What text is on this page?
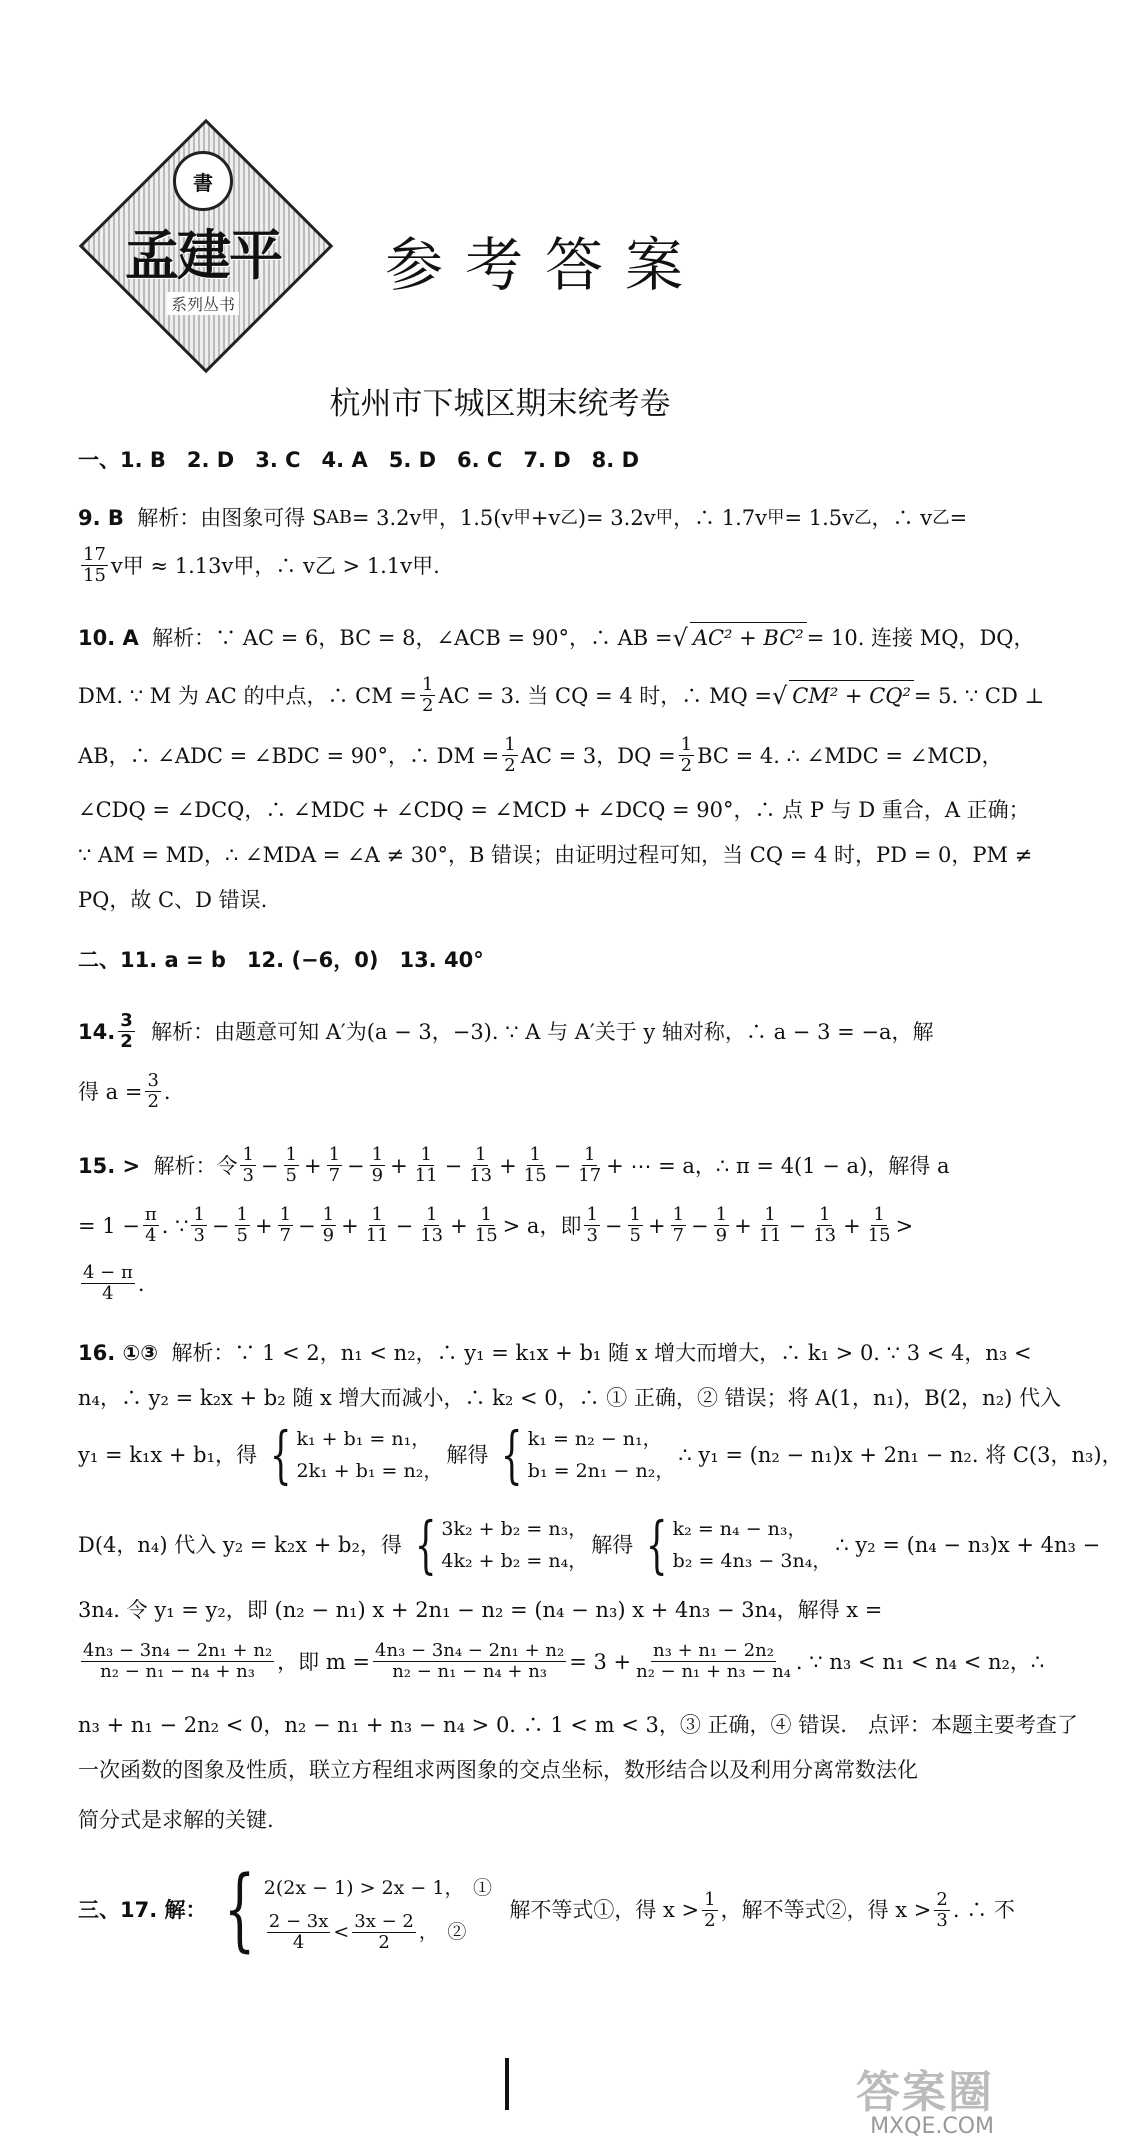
書
孟建平
系列丛书
参考答案
杭州市下城区期末统考卷
一、1. B　2. D　3. C　4. A　5. D　6. C　7. D　8. D
9. B
解析：由图象可得 S AB = 3.2v 甲 ，1.5(v 甲 +v 乙 )= 3.2v 甲 ，∴ 1.7v 甲 = 1.5v 乙 ，∴ v 乙 =
$\frac{17}{15}$ v甲 ≈ 1.13v甲，∴ v乙 > 1.1v甲.
10. A
解析：∵ AC = 6，BC = 8，∠ACB = 90°，∴ AB = √ AC² + BC² = 10. 连接 MQ，DQ，
DM. ∵ M 为 AC 的中点，∴ CM = $\frac{1}{2}$ AC = 3. 当 CQ = 4 时，∴ MQ = √ CM² + CQ² = 5. ∵ CD ⊥
AB，∴ ∠ADC = ∠BDC = 90°，∴ DM = $\frac{1}{2}$ AC = 3，DQ = $\frac{1}{2}$ BC = 4. ∴ ∠MDC = ∠MCD，
∠CDQ = ∠DCQ，∴ ∠MDC + ∠CDQ = ∠MCD + ∠DCQ = 90°，∴ 点 P 与 D 重合，A 正确；
∵ AM = MD，∴ ∠MDA = ∠A ≠ 30°，B 错误；由证明过程可知，当 CQ = 4 时，PD = 0，PM ≠
PQ，故 C、D 错误.
二、 11. a = b　12. (−6，0)　13. 40°
14. $\frac{3}{2}$
解析：由题意可知 A′为(a − 3，−3). ∵ A 与 A′关于 y 轴对称，∴ a − 3 = −a，解
得 $a = \frac{3}{2}$ .
15. >
解析：令 $\frac{1}{3} - \frac{1}{5} + \frac{1}{7} - \frac{1}{9} + \frac{1}{11} - \frac{1}{13} + \frac{1}{15} - \frac{1}{17}$ + ⋯ = a，∴ π = 4(1 − a)，解得 a
= $1 - \frac{\pi}{4}$ . ∵ $\frac{1}{3} - \frac{1}{5} + \frac{1}{7} - \frac{1}{9} + \frac{1}{11} - \frac{1}{13} + \frac{1}{15} > a$，即 $\frac{1}{3} - \frac{1}{5} + \frac{1}{7} - \frac{1}{9} + \frac{1}{11} - \frac{1}{13} + \frac{1}{15}$ >
$\frac{4 - \pi}{4}$ .
16. ①③
解析：∵ 1 < 2，n₁ < n₂，∴ y₁ = k₁x + b₁ 随 x 增大而增大，∴ k₁ > 0. ∵ 3 < 4，n₃ <
n₄，∴ y₂ = k₂x + b₂ 随 x 增大而减小，∴ k₂ < 0，∴ ① 正确，② 错误；将 A(1，n₁)，B(2，n₂) 代入
y₁ = k₁x + b₁，得 { k₁ + b₁ = n₁，
2k₁ + b₁ = n₂，
解得 { k₁ = n₂ − n₁，
b₁ = 2n₁ − n₂，
∴ y₁ = (n₂ − n₁)x + 2n₁ − n₂. 将 C(3，n₃)，
D(4，n₄) 代入 y₂ = k₂x + b₂，得 { 3k₂ + b₂ = n₃，
4k₂ + b₂ = n₄，
解得 { k₂ = n₄ − n₃，
b₂ = 4n₃ − 3n₄，
∴ y₂ = (n₄ − n₃)x + 4n₃ −
3n₄. 令 y₁ = y₂，即 (n₂ − n₁) x + 2n₁ − n₂ = (n₄ − n₃) x + 4n₃ − 3n₄，解得 x =
$\frac{\text{4n₃ − 3n₄ − 2n₁ + n₂}}{\text{n₂ − n₁ − n₄ + n₃}}$ ，即 $m = \frac{\text{4n₃ − 3n₄ − 2n₁ + n₂}}{\text{n₂ − n₁ − n₄ + n₃}} = 3 + \frac{\text{n₃ + n₁ − 2n₂}}{\text{n₂ − n₁ + n₃ − n₄}}$ . ∵ n₃ < n₁ < n₄ < n₂，∴
n₃ + n₁ − 2n₂ < 0，n₂ − n₁ + n₃ − n₄ > 0. ∴ 1 < m < 3，③ 正确，④ 错误.　点评：本题主要考查了
一次函数的图象及性质，联立方程组求两图象的交点坐标，数形结合以及利用分离常数法化
简分式是求解的关键.
三、17. 解： { 2(2x − 1) > 2x − 1，　①
$\frac{2 - 3x}{4} < \frac{3x - 2}{2}$ ，　②

解不等式①，得 $x > \frac{1}{2}$ ，解不等式②，得 $x > \frac{2}{3}$ . ∴ 不
答案圈
MXQE.COM
